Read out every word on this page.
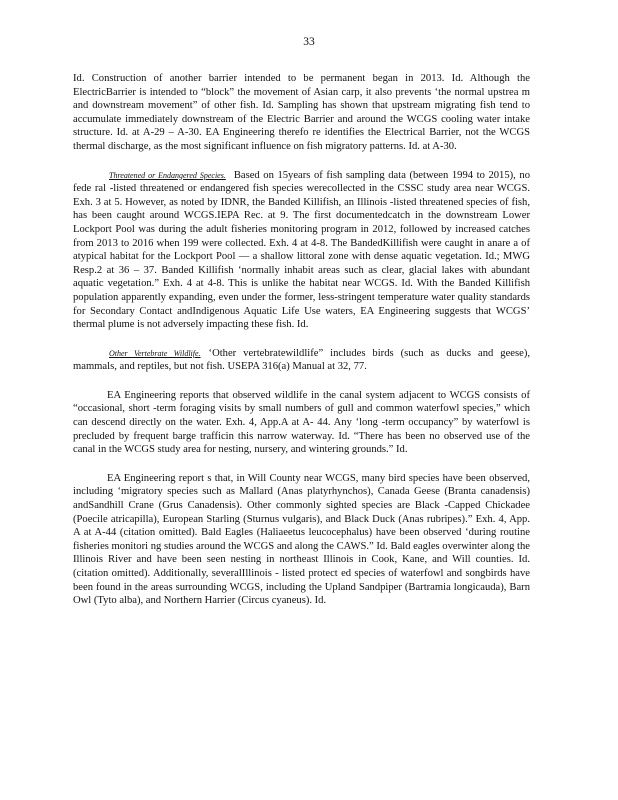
33

Id. Construction of another barrier intended to be permanent began in 2013. Id. Although the ElectricBarrier is intended to “block” the movement of Asian carp, it also prevents ‘the normal upstrea m and downstream movement” of other fish. Id. Sampling has shown that upstream migrating fish tend to accumulate immediately downstream of the Electric Barrier and around the WCGS cooling water intake structure. Id. at A-29 – A-30. EA Engineering therefo re identifies the Electrical Barrier, not the WCGS thermal discharge, as the most significant influence on fish migratory patterns. Id. at A-30.

Threatened or Endangered Species. Based on 15years of fish sampling data (between 1994 to 2015), no fede ral -listed threatened or endangered fish species werecollected in the CSSC study area near WCGS. Exh. 3 at 5. However, as noted by IDNR, the Banded Killifish, an Illinois -listed threatened species of fish, has been caught around WCGS.IEPA Rec. at 9. The first documentedcatch in the downstream Lower Lockport Pool was during the adult fisheries monitoring program in 2012, followed by increased catches from 2013 to 2016 when 199 were collected. Exh. 4 at 4-8. The BandedKillifish were caught in anare a of atypical habitat for the Lockport Pool — a shallow littoral zone with dense aquatic vegetation. Id.; MWG Resp.2 at 36 – 37. Banded Killifish ‘normally inhabit areas such as clear, glacial lakes with abundant aquatic vegetation.” Exh. 4 at 4-8. This is unlike the habitat near WCGS. Id. With the Banded Killifish population apparently expanding, even under the former, less-stringent temperature water quality standards for Secondary Contact andIndigenous Aquatic Life Use waters, EA Engineering suggests that WCGS’ thermal plume is not adversely impacting these fish. Id.

Other Vertebrate Wildlife. ‘Other vertebratewildlife” includes birds (such as ducks and geese), mammals, and reptiles, but not fish. USEPA 316(a) Manual at 32, 77.

EA Engineering reports that observed wildlife in the canal system adjacent to WCGS consists of “occasional, short -term foraging visits by small numbers of gull and common waterfowl species,” which can descend directly on the water. Exh. 4, App.A at A- 44. Any ‘long -term occupancy” by waterfowl is precluded by frequent barge trafficin this narrow waterway. Id. “There has been no observed use of the canal in the WCGS study area for nesting, nursery, and wintering grounds.” Id.

EA Engineering report s that, in Will County near WCGS, many bird species have been observed, including ‘migratory species such as Mallard (Anas platyrhynchos), Canada Geese (Branta canadensis) andSandhill Crane (Grus Canadensis). Other commonly sighted species are Black -Capped Chickadee (Poecile atricapilla), European Starling (Sturnus vulgaris), and Black Duck (Anas rubripes).” Exh. 4, App. A at A-44 (citation omitted). Bald Eagles (Haliaeetus leucocephalus) have been observed ‘during routine fisheries monitori ng studies around the WCGS and along the CAWS.” Id. Bald eagles overwinter along the Illinois River and have been seen nesting in northeast Illinois in Cook, Kane, and Will counties. Id. (citation omitted). Additionally, severalIllinois - listed protect ed species of waterfowl and songbirds have been found in the areas surrounding WCGS, including the Upland Sandpiper (Bartramia longicauda), Barn Owl (Tyto alba), and Northern Harrier (Circus cyaneus). Id.
